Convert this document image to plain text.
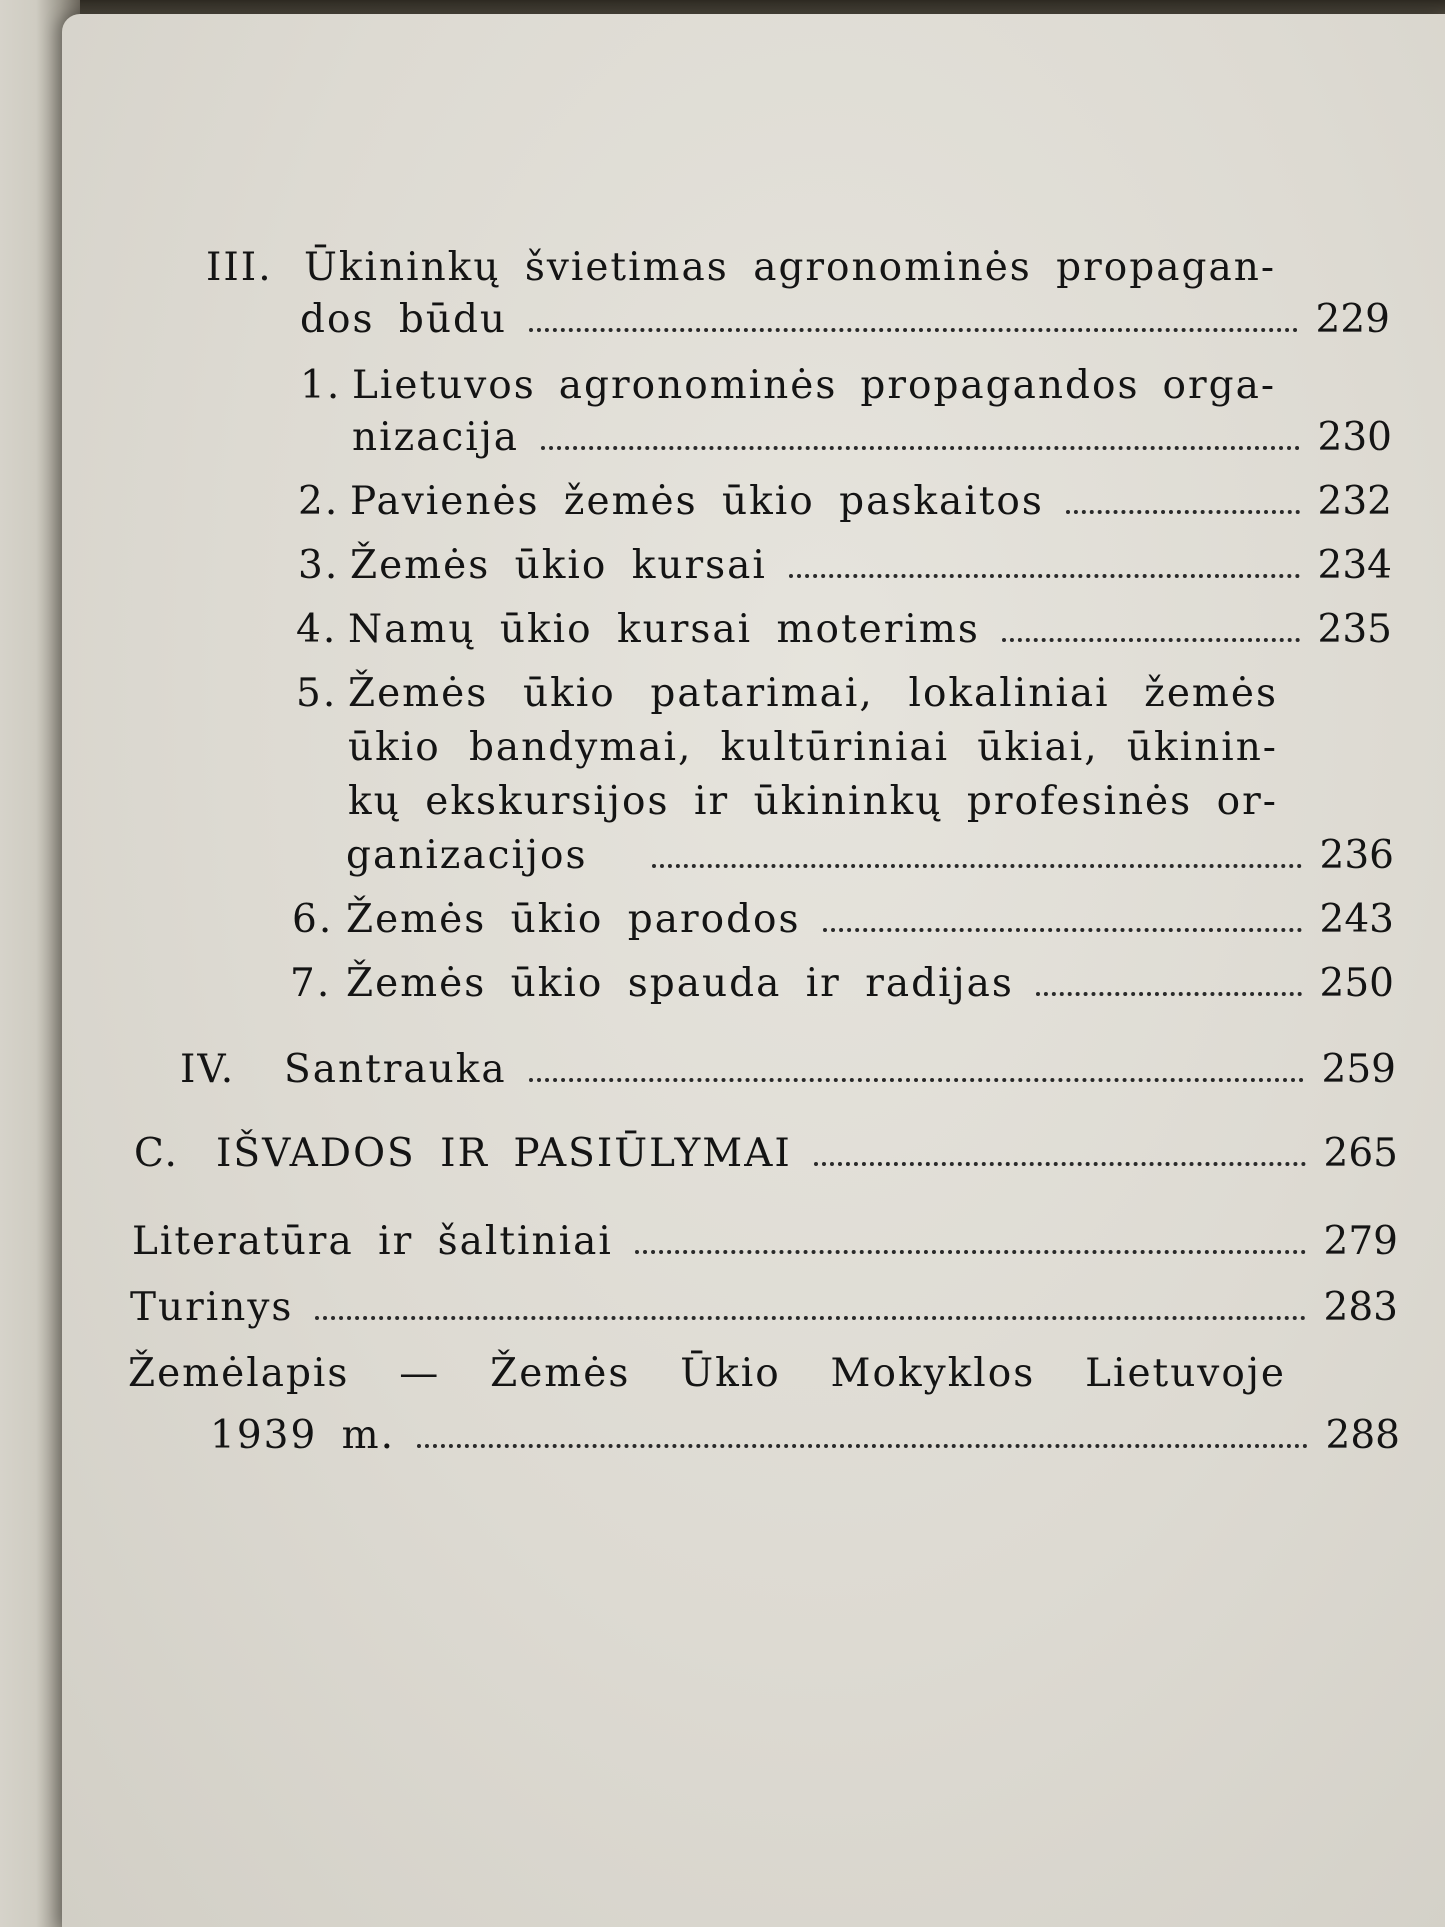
III. Ūkininkų švietimas agronominės propagan-
dos būdu	229
1. Lietuvos agronominės propagandos orga-
nizacija	230
2. Pavienės žemės ūkio paskaitos	232
3. Žemės ūkio kursai	234
4. Namų ūkio kursai moterims	235
5. Žemės ūkio patarimai, lokaliniai žemės
ūkio bandymai, kultūriniai ūkiai, ūkinin-
kų ekskursijos ir ūkininkų profesinės or-
ganizacijos	236
6. Žemės ūkio parodos	243
7. Žemės ūkio spauda ir radijas	250
IV.	Santrauka	259
C. IŠVADOS IR PASIŪLYMAI	265
Literatūra ir šaltiniai	279
Turinys	283
Žemėlapis — Žemės Ūkio Mokyklos Lietuvoje
1939 m.	288
